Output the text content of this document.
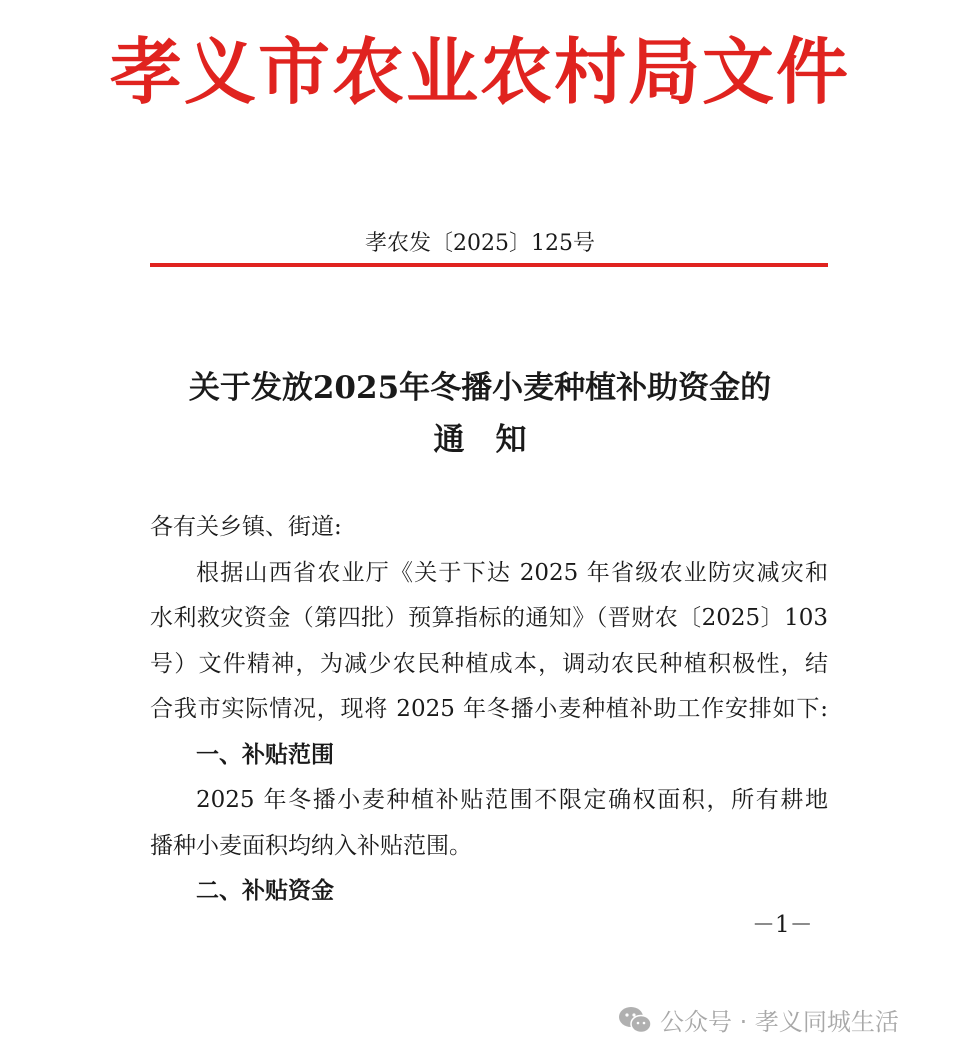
孝义市农业农村局文件
孝农发〔2025〕125号
关于发放2025年冬播小麦种植补助资金的
通　知
各有关乡镇、街道:
根据山西省农业厅《关于下达 2025 年省级农业防灾减灾和
水利救灾资金（第四批）预算指标的通知》（晋财农〔2025〕103
号）文件精神，为减少农民种植成本，调动农民种植积极性，结
合我市实际情况，现将 2025 年冬播小麦种植补助工作安排如下:
一、补贴范围
2025 年冬播小麦种植补贴范围不限定确权面积，所有耕地
播种小麦面积均纳入补贴范围。
二、补贴资金
－1－
公众号 · 孝义同城生活
